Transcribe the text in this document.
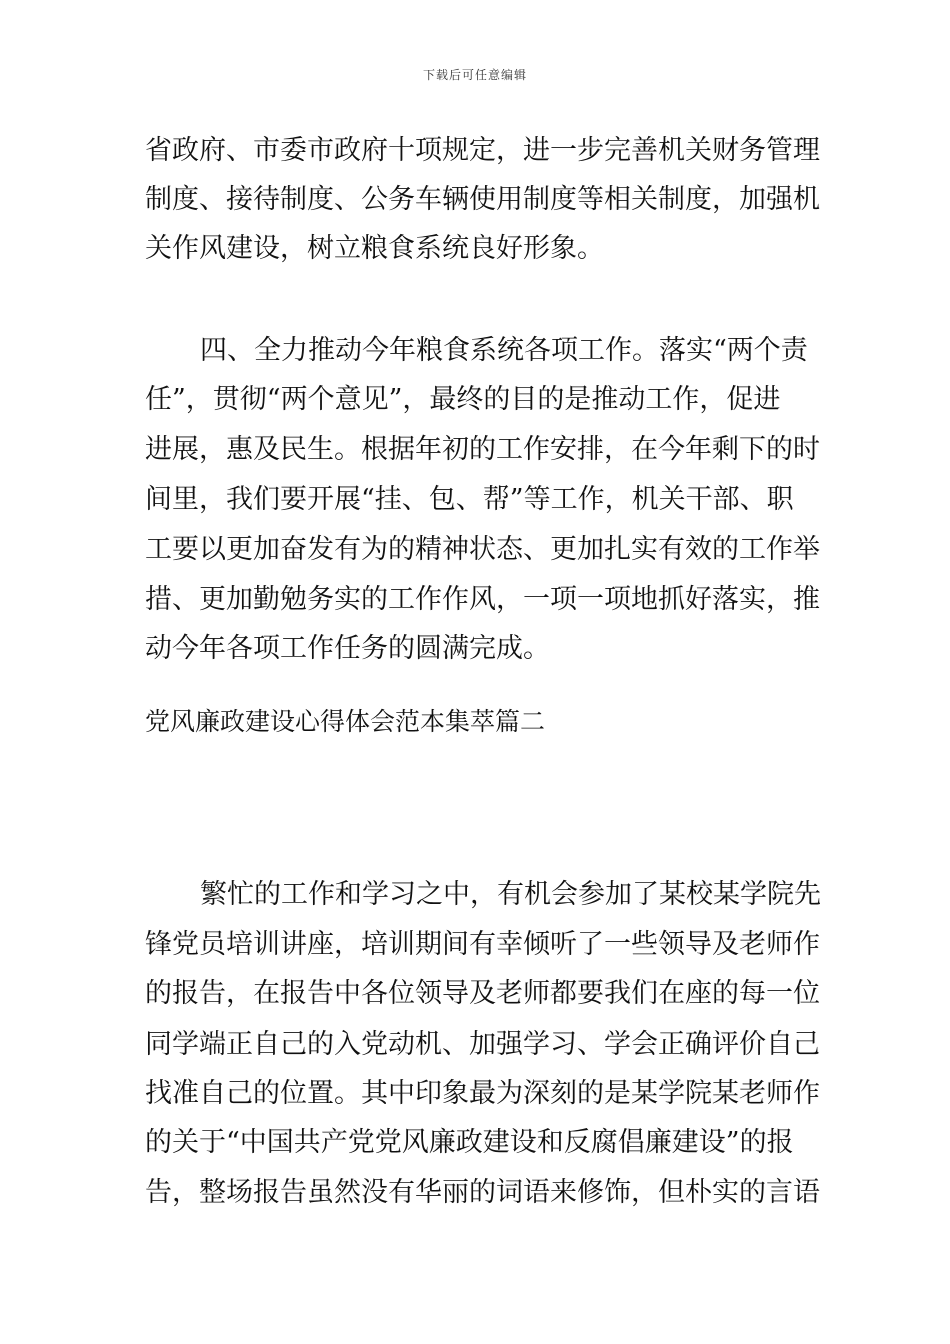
下载后可任意编辑
省政府、市委市政府十项规定，进一步完善机关财务管理
制度、接待制度、公务车辆使用制度等相关制度，加强机
关作风建设，树立粮食系统良好形象。
四、全力推动今年粮食系统各项工作。落实“两个责
任”，贯彻“两个意见”，最终的目的是推动工作，促进
进展，惠及民生。根据年初的工作安排，在今年剩下的时
间里，我们要开展“挂、包、帮”等工作，机关干部、职
工要以更加奋发有为的精神状态、更加扎实有效的工作举
措、更加勤勉务实的工作作风，一项一项地抓好落实，推
动今年各项工作任务的圆满完成。
党风廉政建设心得体会范本集萃篇二
繁忙的工作和学习之中，有机会参加了某校某学院先
锋党员培训讲座，培训期间有幸倾听了一些领导及老师作
的报告，在报告中各位领导及老师都要我们在座的每一位
同学端正自己的入党动机、加强学习、学会正确评价自己
找准自己的位置。其中印象最为深刻的是某学院某老师作
的关于“中国共产党党风廉政建设和反腐倡廉建设”的报
告，整场报告虽然没有华丽的词语来修饰，但朴实的言语
